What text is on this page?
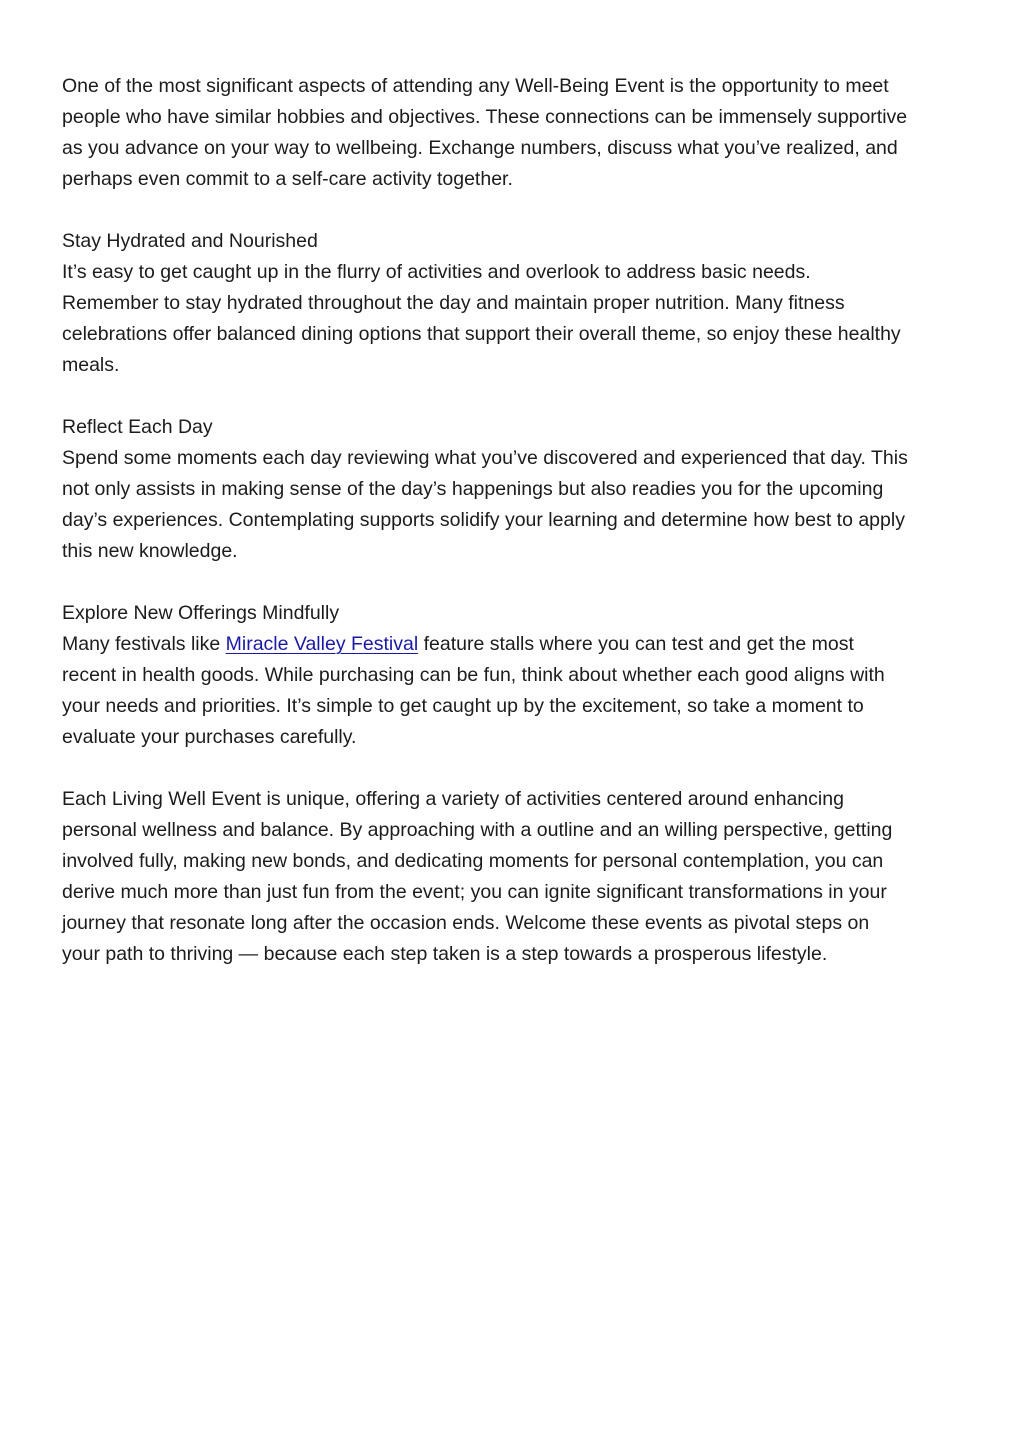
One of the most significant aspects of attending any Well-Being Event is the opportunity to meet
people who have similar hobbies and objectives. These connections can be immensely supportive
as you advance on your way to wellbeing. Exchange numbers, discuss what you’ve realized, and
perhaps even commit to a self-care activity together.

Stay Hydrated and Nourished
It’s easy to get caught up in the flurry of activities and overlook to address basic needs.
Remember to stay hydrated throughout the day and maintain proper nutrition. Many fitness
celebrations offer balanced dining options that support their overall theme, so enjoy these healthy
meals.
Reflect Each Day
Spend some moments each day reviewing what you’ve discovered and experienced that day. This
not only assists in making sense of the day’s happenings but also readies you for the upcoming
day’s experiences. Contemplating supports solidify your learning and determine how best to apply
this new knowledge.
Explore New Offerings Mindfully
Many festivals like Miracle Valley Festival feature stalls where you can test and get the most
recent in health goods. While purchasing can be fun, think about whether each good aligns with
your needs and priorities. It’s simple to get caught up by the excitement, so take a moment to
evaluate your purchases carefully.

Each Living Well Event is unique, offering a variety of activities centered around enhancing
personal wellness and balance. By approaching with a outline and an willing perspective, getting
involved fully, making new bonds, and dedicating moments for personal contemplation, you can
derive much more than just fun from the event; you can ignite significant transformations in your
journey that resonate long after the occasion ends. Welcome these events as pivotal steps on
your path to thriving — because each step taken is a step towards a prosperous lifestyle.
